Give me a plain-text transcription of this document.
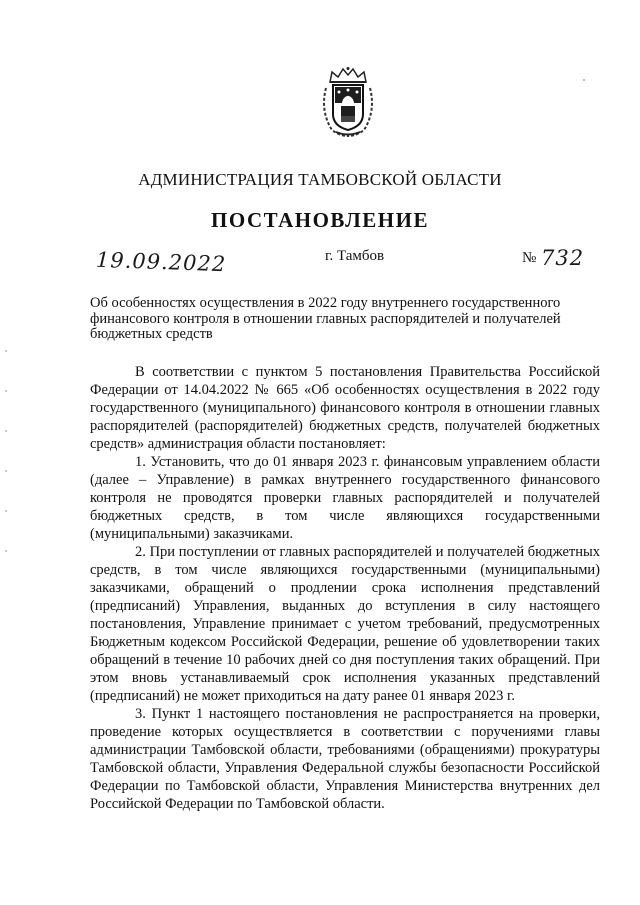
АДМИНИСТРАЦИЯ ТАМБОВСКОЙ ОБЛАСТИ
ПОСТАНОВЛЕНИЕ
19.09.2022	г. Тамбов	№ 732
Об особенностях осуществления в 2022 году внутреннего государственного финансового контроля в отношении главных распорядителей и получателей бюджетных средств

В соответствии с пунктом 5 постановления Правительства Российской Федерации от 14.04.2022 № 665 «Об особенностях осуществления в 2022 году государственного (муниципального) финансового контроля в отношении главных распорядителей (распорядителей) бюджетных средств, получателей бюджетных средств» администрация области постановляет:

1. Установить, что до 01 января 2023 г. финансовым управлением области (далее – Управление) в рамках внутреннего государственного финансового контроля не проводятся проверки главных распорядителей и получателей бюджетных средств, в том числе являющихся государственными (муниципальными) заказчиками.

2. При поступлении от главных распорядителей и получателей бюджетных средств, в том числе являющихся государственными (муниципальными) заказчиками, обращений о продлении срока исполнения представлений (предписаний) Управления, выданных до вступления в силу настоящего постановления, Управление принимает с учетом требований, предусмотренных Бюджетным кодексом Российской Федерации, решение об удовлетворении таких обращений в течение 10 рабочих дней со дня поступления таких обращений. При этом вновь устанавливаемый срок исполнения указанных представлений (предписаний) не может приходиться на дату ранее 01 января 2023 г.

3. Пункт 1 настоящего постановления не распространяется на проверки, проведение которых осуществляется в соответствии с поручениями главы администрации Тамбовской области, требованиями (обращениями) прокуратуры Тамбовской области, Управления Федеральной службы безопасности Российской Федерации по Тамбовской области, Управления Министерства внутренних дел Российской Федерации по Тамбовской области.
